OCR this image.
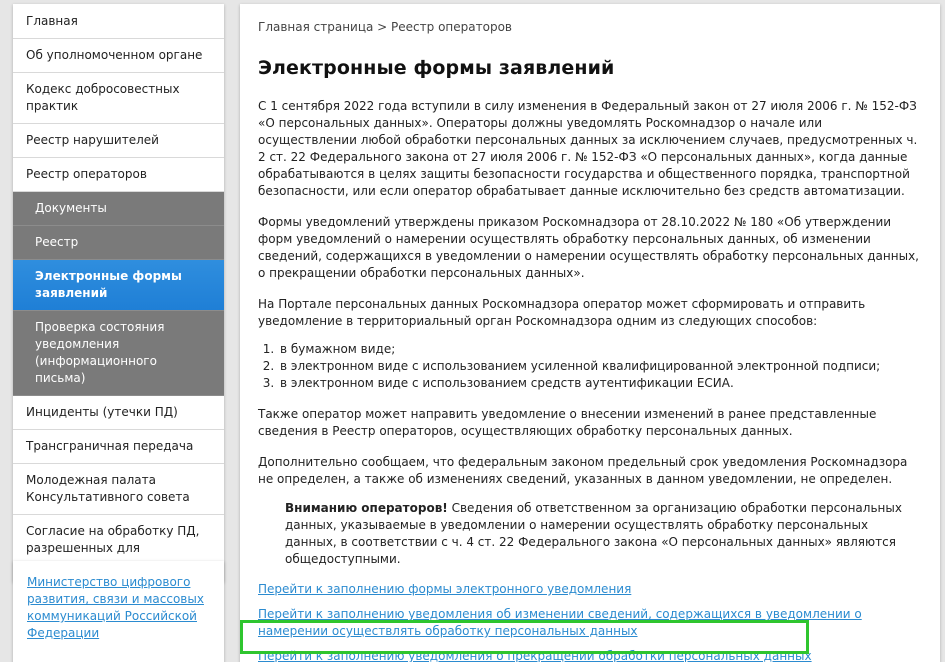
Главная
Об уполномоченном органе
Кодекс добросовестных практик
Реестр нарушителей
Реестр операторов
Документы
Реестр
Электронные формы заявлений
Проверка состояния уведомления (информационного письма)
Инциденты (утечки ПД)
Трансграничная передача
Молодежная палата Консультативного совета
Согласие на обработку ПД, разрешенных для
Министерство цифрового развития, связи и массовых коммуникаций Российской Федерации
Главная страница > Реестр операторов
Электронные формы заявлений

С 1 сентября 2022 года вступили в силу изменения в Федеральный закон от 27 июля 2006 г. № 152-ФЗ «О персональных данных». Операторы должны уведомлять Роскомнадзор о начале или осуществлении любой обработки персональных данных за исключением случаев, предусмотренных ч. 2 ст. 22 Федерального закона от 27 июля 2006 г. № 152-ФЗ «О персональных данных», когда данные обрабатываются в целях защиты безопасности государства и общественного порядка, транспортной безопасности, или если оператор обрабатывает данные исключительно без средств автоматизации.

Формы уведомлений утверждены приказом Роскомнадзора от 28.10.2022 № 180 «Об утверждении форм уведомлений о намерении осуществлять обработку персональных данных, об изменении сведений, содержащихся в уведомлении о намерении осуществлять обработку персональных данных, о прекращении обработки персональных данных».

На Портале персональных данных Роскомнадзора оператор может сформировать и отправить уведомление в территориальный орган Роскомнадзора одним из следующих способов:

1. в бумажном виде;
2. в электронном виде с использованием усиленной квалифицированной электронной подписи;
3. в электронном виде с использованием средств аутентификации ЕСИА.

Также оператор может направить уведомление о внесении изменений в ранее представленные сведения в Реестр операторов, осуществляющих обработку персональных данных.

Дополнительно сообщаем, что федеральным законом предельный срок уведомления Роскомнадзора не определен, а также об изменениях сведений, указанных в данном уведомлении, не определен.

Вниманию операторов! Сведения об ответственном за организацию обработки персональных данных, указываемые в уведомлении о намерении осуществлять обработку персональных данных, в соответствии с ч. 4 ст. 22 Федерального закона «О персональных данных» являются общедоступными.

Перейти к заполнению формы электронного уведомления
Перейти к заполнению уведомления об изменении сведений, содержащихся в уведомлении о намерении осуществлять обработку персональных данных
Перейти к заполнению уведомления о прекращении обработки персональных данных
